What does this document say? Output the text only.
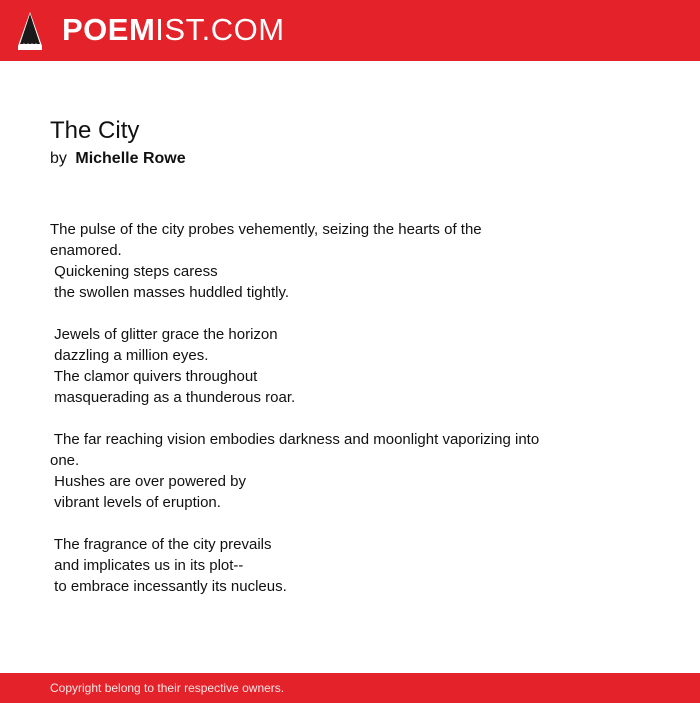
POEMIST.COM
The City
by Michelle Rowe
The pulse of the city probes vehemently, seizing the hearts of the
enamored.
Quickening steps caress
the swollen masses huddled tightly.
Jewels of glitter grace the horizon
dazzling a million eyes.
The clamor quivers throughout
masquerading as a thunderous roar.
The far reaching vision embodies darkness and moonlight vaporizing into
one.
Hushes are over powered by
vibrant levels of eruption.
The fragrance of the city prevails
and implicates us in its plot--
to embrace incessantly its nucleus.
Copyright belong to their respective owners.
